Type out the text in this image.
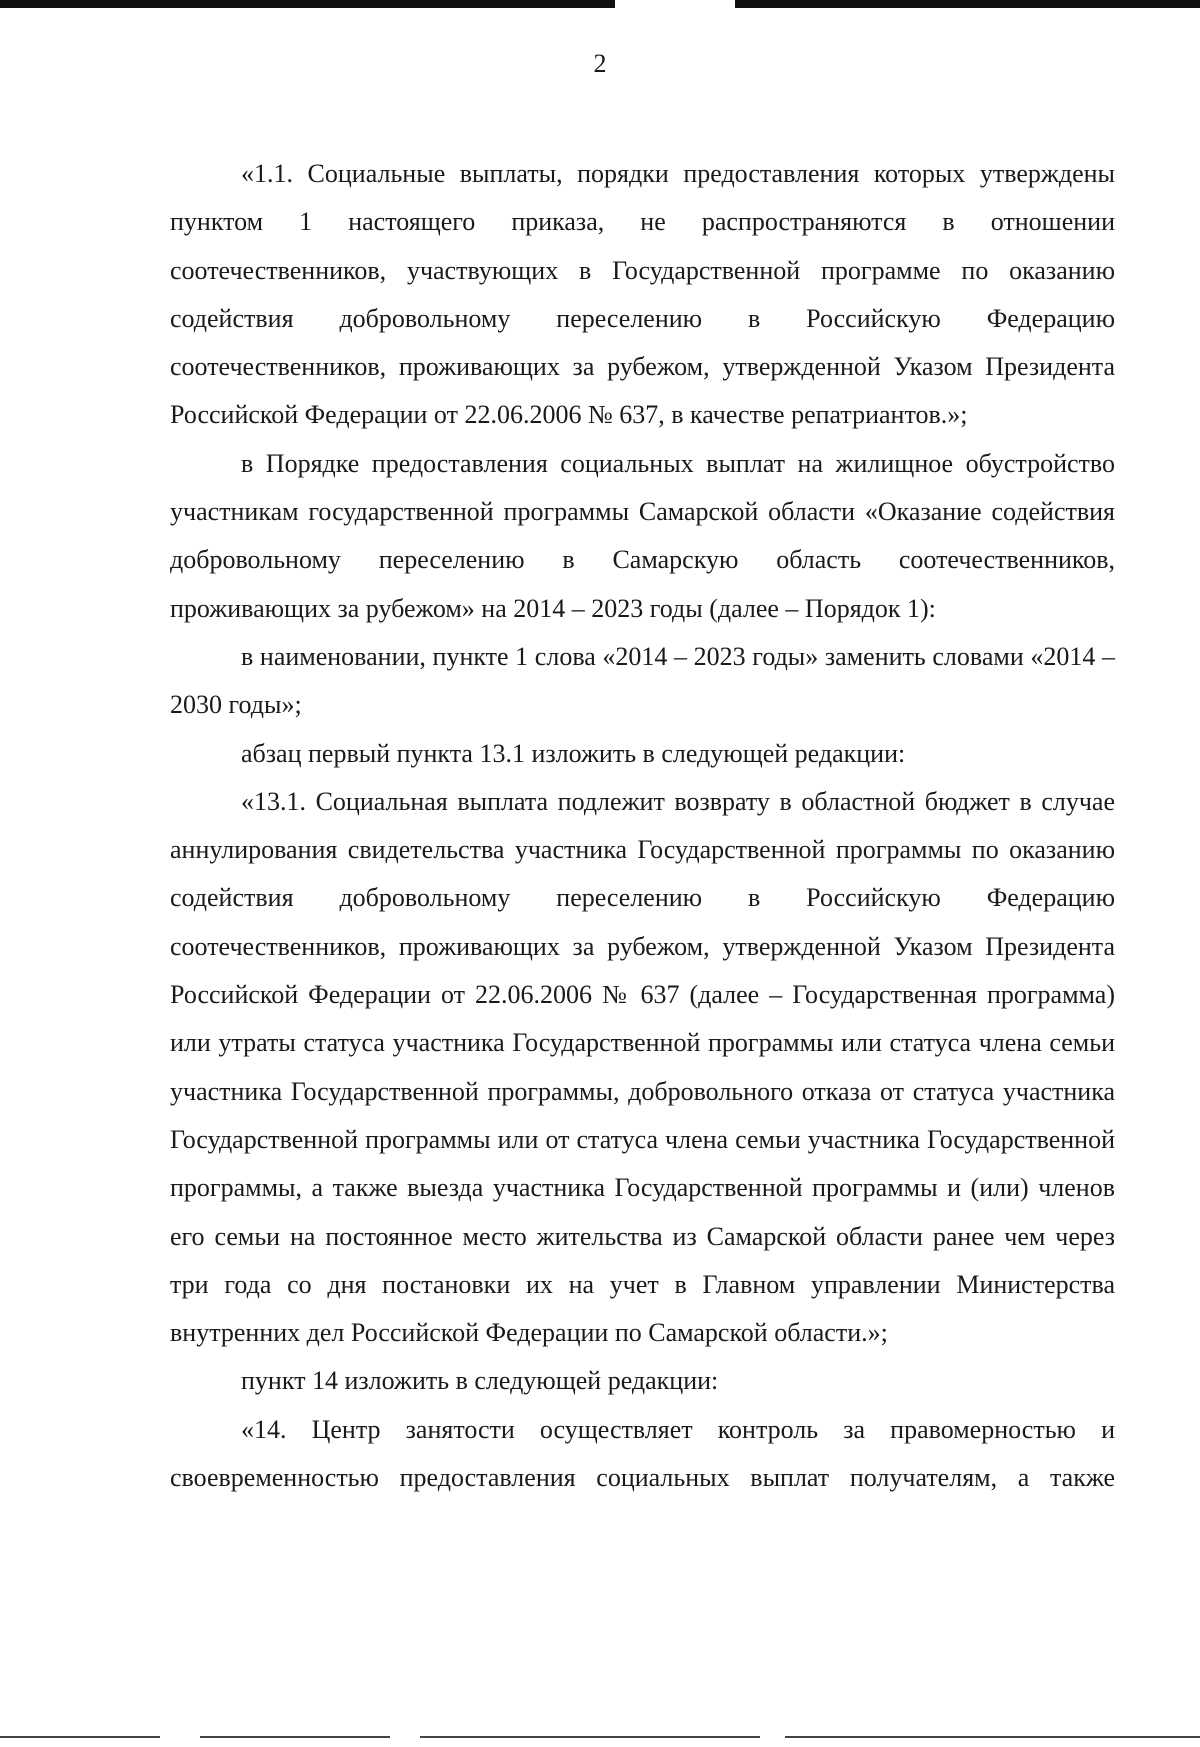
2

«1.1. Социальные выплаты, порядки предоставления которых утверждены пунктом 1 настоящего приказа, не распространяются в отношении соотечественников, участвующих в Государственной программе по оказанию содействия добровольному переселению в Российскую Федерацию соотечественников, проживающих за рубежом, утвержденной Указом Президента Российской Федерации от 22.06.2006 № 637, в качестве репатриантов.»;

в Порядке предоставления социальных выплат на жилищное обустройство участникам государственной программы Самарской области «Оказание содействия добровольному переселению в Самарскую область соотечественников, проживающих за рубежом» на 2014 – 2023 годы (далее – Порядок 1):

в наименовании, пункте 1 слова «2014 – 2023 годы» заменить словами «2014 – 2030 годы»;

абзац первый пункта 13.1 изложить в следующей редакции:

«13.1. Социальная выплата подлежит возврату в областной бюджет в случае аннулирования свидетельства участника Государственной программы по оказанию содействия добровольному переселению в Российскую Федерацию соотечественников, проживающих за рубежом, утвержденной Указом Президента Российской Федерации от 22.06.2006 № 637 (далее – Государственная программа) или утраты статуса участника Государственной программы или статуса члена семьи участника Государственной программы, добровольного отказа от статуса участника Государственной программы или от статуса члена семьи участника Государственной программы, а также выезда участника Государственной программы и (или) членов его семьи на постоянное место жительства из Самарской области ранее чем через три года со дня постановки их на учет в Главном управлении Министерства внутренних дел Российской Федерации по Самарской области.»;

пункт 14 изложить в следующей редакции:

«14. Центр занятости осуществляет контроль за правомерностью и своевременностью предоставления социальных выплат получателям, а также
